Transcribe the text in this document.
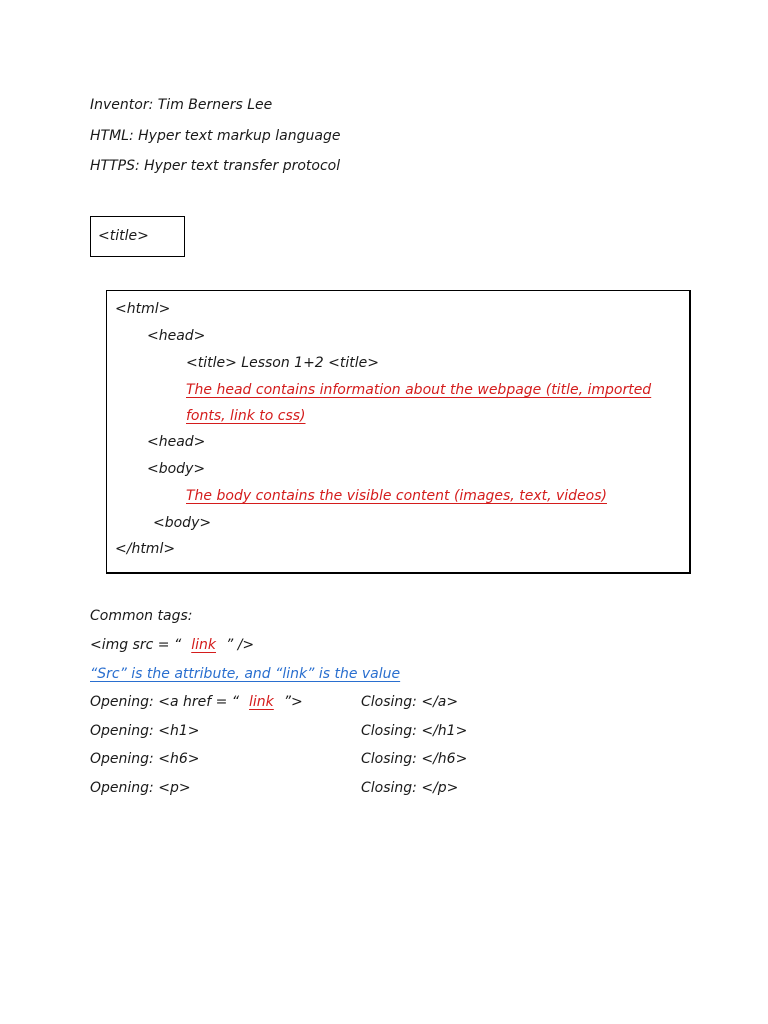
Inventor: Tim Berners Lee
HTML: Hyper text markup language
HTTPS: Hyper text transfer protocol
<title>
<html>
<head>
<title> Lesson 1+2 <title>
The head contains information about the webpage (title, imported
fonts, link to css)
<head>
<body>
The body contains the visible content (images, text, videos)
<body>
</html>
Common tags:
<img src = “ link ” />
“Src” is the attribute, and “link” is the value
Opening: <a href = “ link ”>	Closing: </a>
Opening: <h1>	Closing: </h1>
Opening: <h6>	Closing: </h6>
Opening: <p>	Closing: </p>
